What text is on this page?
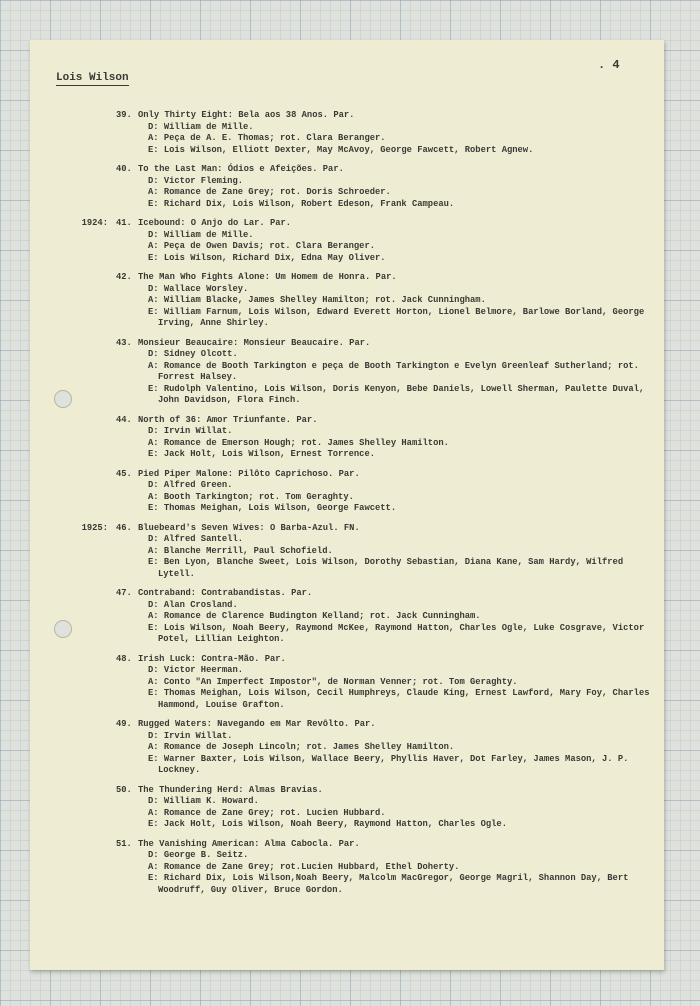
Lois Wilson
. 4
39. Only Thirty Eight: Bela aos 38 Anos. Par.
D: William de Mille.
A: Peça de A. E. Thomas; rot. Clara Beranger.
E: Lois Wilson, Elliott Dexter, May McAvoy, George Fawcett, Robert Agnew.
40. To the Last Man: Ódios e Afeições. Par.
D: Victor Fleming.
A: Romance de Zane Grey; rot. Doris Schroeder.
E: Richard Dix, Lois Wilson, Robert Edeson, Frank Campeau.
1924: 41. Icebound: O Anjo do Lar. Par.
D: William de Mille.
A: Peça de Owen Davis; rot. Clara Beranger.
E: Lois Wilson, Richard Dix, Edna May Oliver.
42. The Man Who Fights Alone: Um Homem de Honra. Par.
D: Wallace Worsley.
A: William Blacke, James Shelley Hamilton; rot. Jack Cunningham.
E: William Farnum, Lois Wilson, Edward Everett Horton, Lionel Belmore, Barlowe Borland, George Irving, Anne Shirley.
43. Monsieur Beaucaire: Monsieur Beaucaire. Par.
D: Sidney Olcott.
A: Romance de Booth Tarkington e peça de Booth Tarkington e Evelyn Greenleaf Sutherland; rot. Forrest Halsey.
E: Rudolph Valentino, Lois Wilson, Doris Kenyon, Bebe Daniels, Lowell Sherman, Paulette Duval, John Davidson, Flora Finch.
44. North of 36: Amor Triunfante. Par.
D: Irvin Willat.
A: Romance de Emerson Hough; rot. James Shelley Hamilton.
E: Jack Holt, Lois Wilson, Ernest Torrence.
45. Pied Piper Malone: Pilôto Caprichoso. Par.
D: Alfred Green.
A: Booth Tarkington; rot. Tom Geraghty.
E: Thomas Meighan, Lois Wilson, George Fawcett.
1925: 46. Bluebeard's Seven Wives: O Barba-Azul. FN.
D: Alfred Santell.
A: Blanche Merrill, Paul Schofield.
E: Ben Lyon, Blanche Sweet, Lois Wilson, Dorothy Sebastian, Diana Kane, Sam Hardy, Wilfred Lytell.
47. Contraband: Contrabandistas. Par.
D: Alan Crosland.
A: Romance de Clarence Budington Kelland; rot. Jack Cunningham.
E: Lois Wilson, Noah Beery, Raymond McKee, Raymond Hatton, Charles Ogle, Luke Cosgrave, Victor Potel, Lillian Leighton.
48. Irish Luck: Contra-Mão. Par.
D: Victor Heerman.
A: Conto "An Imperfect Impostor", de Norman Venner; rot. Tom Geraghty.
E: Thomas Meighan, Lois Wilson, Cecil Humphreys, Claude King, Ernest Lawford, Mary Foy, Charles Hammond, Louise Grafton.
49. Rugged Waters: Navegando em Mar Revôlto. Par.
D: Irvin Willat.
A: Romance de Joseph Lincoln; rot. James Shelley Hamilton.
E: Warner Baxter, Lois Wilson, Wallace Beery, Phyllis Haver, Dot Farley, James Mason, J. P. Lockney.
50. The Thundering Herd: Almas Bravias.
D: William K. Howard.
A: Romance de Zane Grey; rot. Lucien Hubbard.
E: Jack Holt, Lois Wilson, Noah Beery, Raymond Hatton, Charles Ogle.
51. The Vanishing American: Alma Cabocla. Par.
D: George B. Seitz.
A: Romance de Zane Grey; rot.Lucien Hubbard, Ethel Doherty.
E: Richard Dix, Lois Wilson,Noah Beery, Malcolm MacGregor, George Magril, Shannon Day, Bert Woodruff, Guy Oliver, Bruce Gordon.
